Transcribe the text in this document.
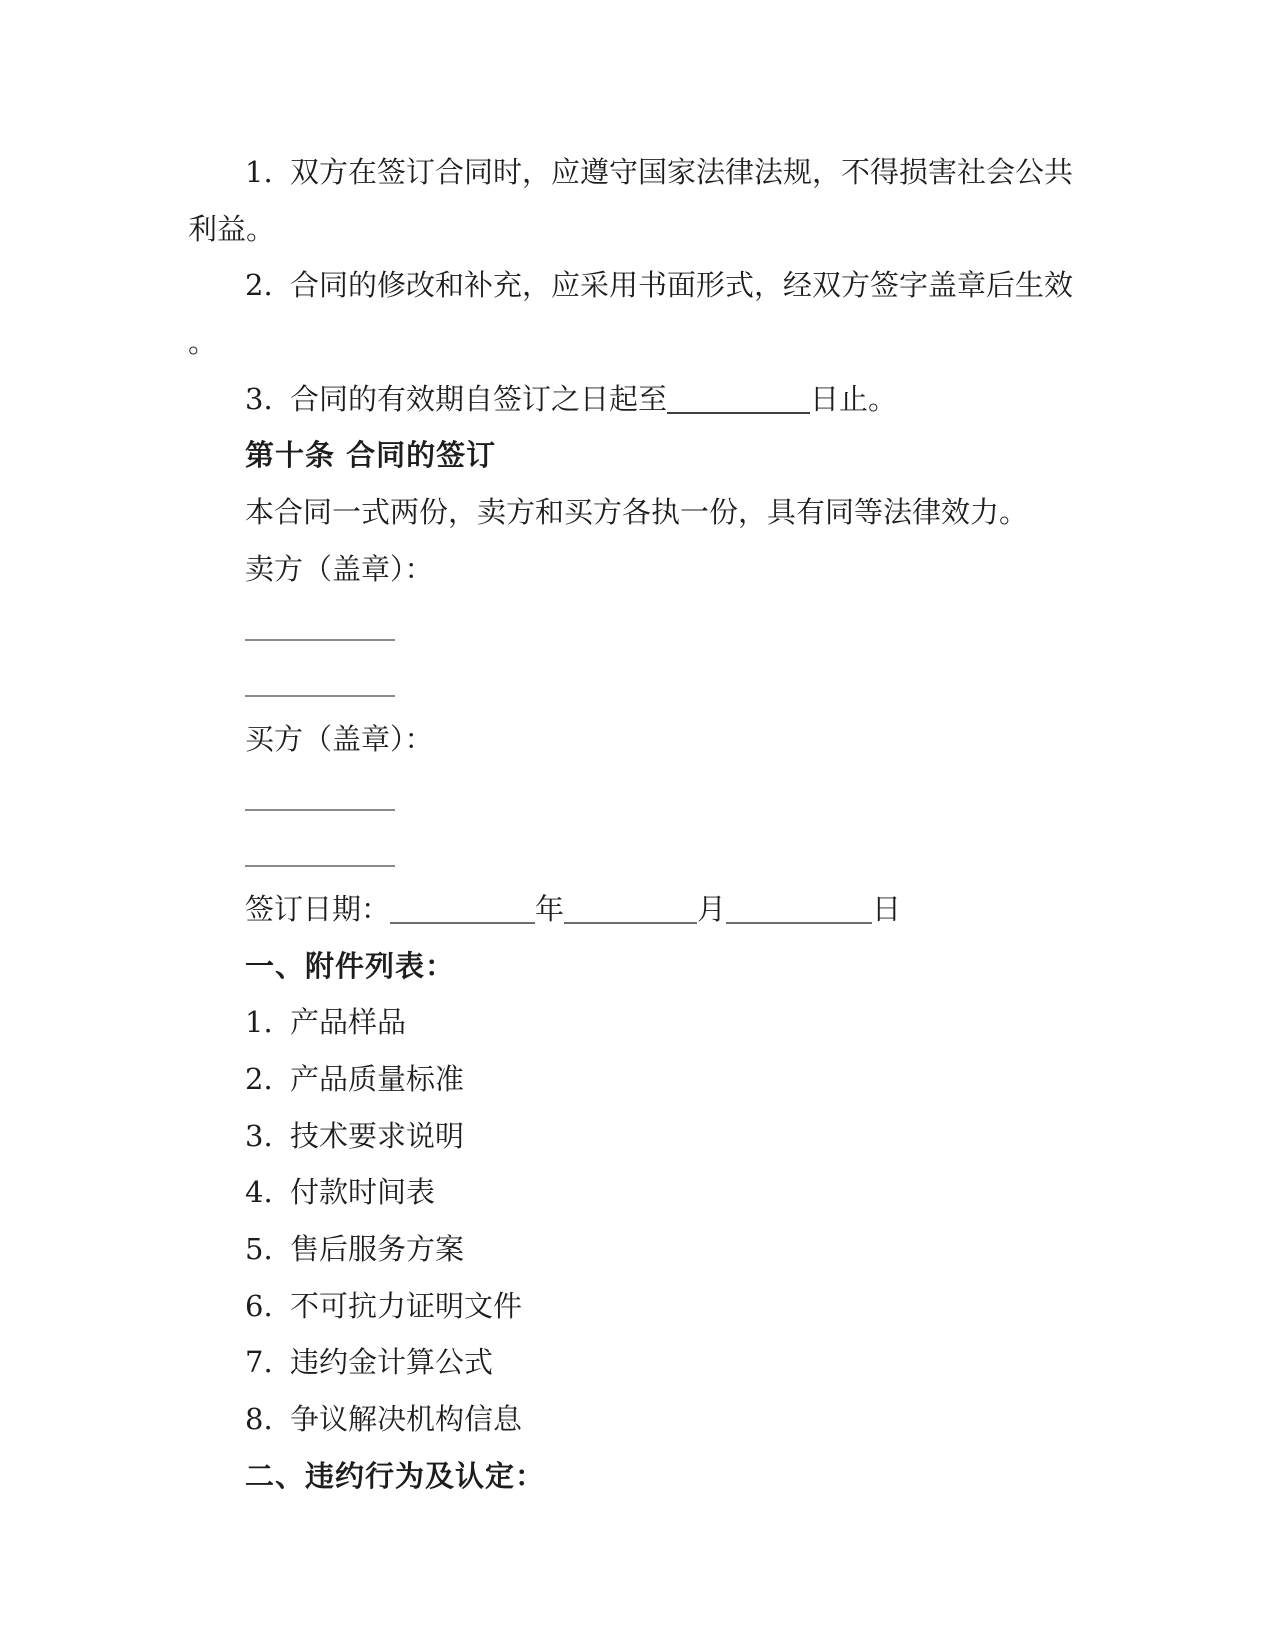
1. 双方在签订合同时，应遵守国家法律法规，不得损害社会公共
利益。
2. 合同的修改和补充，应采用书面形式，经双方签字盖章后生效
。
3. 合同的有效期自签订之日起至	日止。
第十条 合同的签订
本合同一式两份，卖方和买方各执一份，具有同等法律效力。
卖方（盖章）：
买方（盖章）：
签订日期：	年	月	日
一、附件列表：
1. 产品样品
2. 产品质量标准
3. 技术要求说明
4. 付款时间表
5. 售后服务方案
6. 不可抗力证明文件
7. 违约金计算公式
8. 争议解决机构信息
二、违约行为及认定：
